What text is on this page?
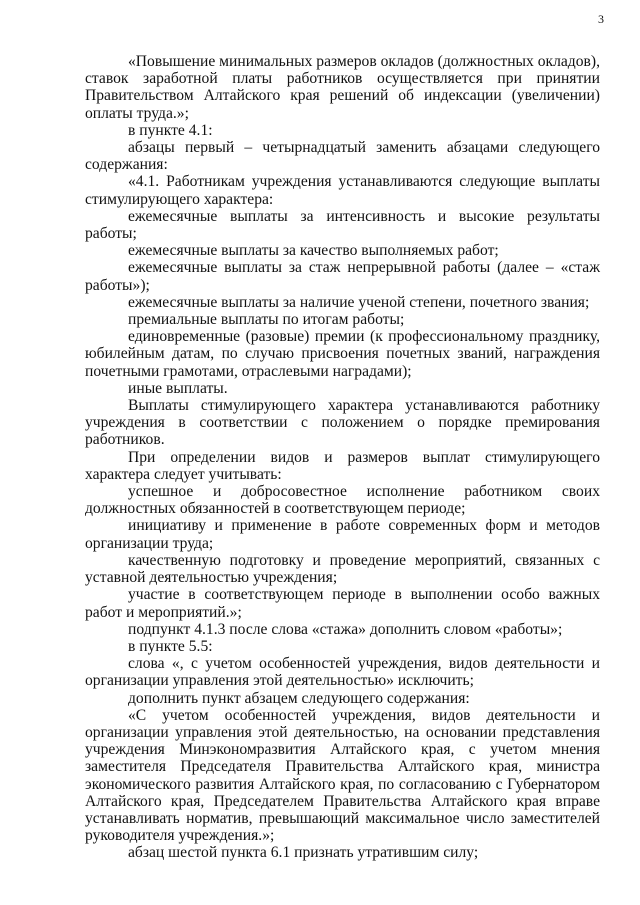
3

«Повышение минимальных размеров окладов (должностных окладов), ставок заработной платы работников осуществляется при принятии Правительством Алтайского края решений об индексации (увеличении) оплаты труда.»;

в пункте 4.1:

абзацы первый – четырнадцатый заменить абзацами следующего содержания:

«4.1. Работникам учреждения устанавливаются следующие выплаты стимулирующего характера:

ежемесячные выплаты за интенсивность и высокие результаты работы;

ежемесячные выплаты за качество выполняемых работ;

ежемесячные выплаты за стаж непрерывной работы (далее – «стаж работы»);

ежемесячные выплаты за наличие ученой степени, почетного звания;

премиальные выплаты по итогам работы;

единовременные (разовые) премии (к профессиональному празднику, юбилейным датам, по случаю присвоения почетных званий, награждения почетными грамотами, отраслевыми наградами);

иные выплаты.

Выплаты стимулирующего характера устанавливаются работнику учреждения в соответствии с положением о порядке премирования работников.

При определении видов и размеров выплат стимулирующего характера следует учитывать:

успешное и добросовестное исполнение работником своих должностных обязанностей в соответствующем периоде;

инициативу и применение в работе современных форм и методов организации труда;

качественную подготовку и проведение мероприятий, связанных с уставной деятельностью учреждения;

участие в соответствующем периоде в выполнении особо важных работ и мероприятий.»;

подпункт 4.1.3 после слова «стажа» дополнить словом «работы»;

в пункте 5.5:

слова «, с учетом особенностей учреждения, видов деятельности и организации управления этой деятельностью» исключить;

дополнить пункт абзацем следующего содержания:

«С учетом особенностей учреждения, видов деятельности и организации управления этой деятельностью, на основании представления учреждения Минэкономразвития Алтайского края, с учетом мнения заместителя Председателя Правительства Алтайского края, министра экономического развития Алтайского края, по согласованию с Губернатором Алтайского края, Председателем Правительства Алтайского края вправе устанавливать норматив, превышающий максимальное число заместителей руководителя учреждения.»;

абзац шестой пункта 6.1 признать утратившим силу;
